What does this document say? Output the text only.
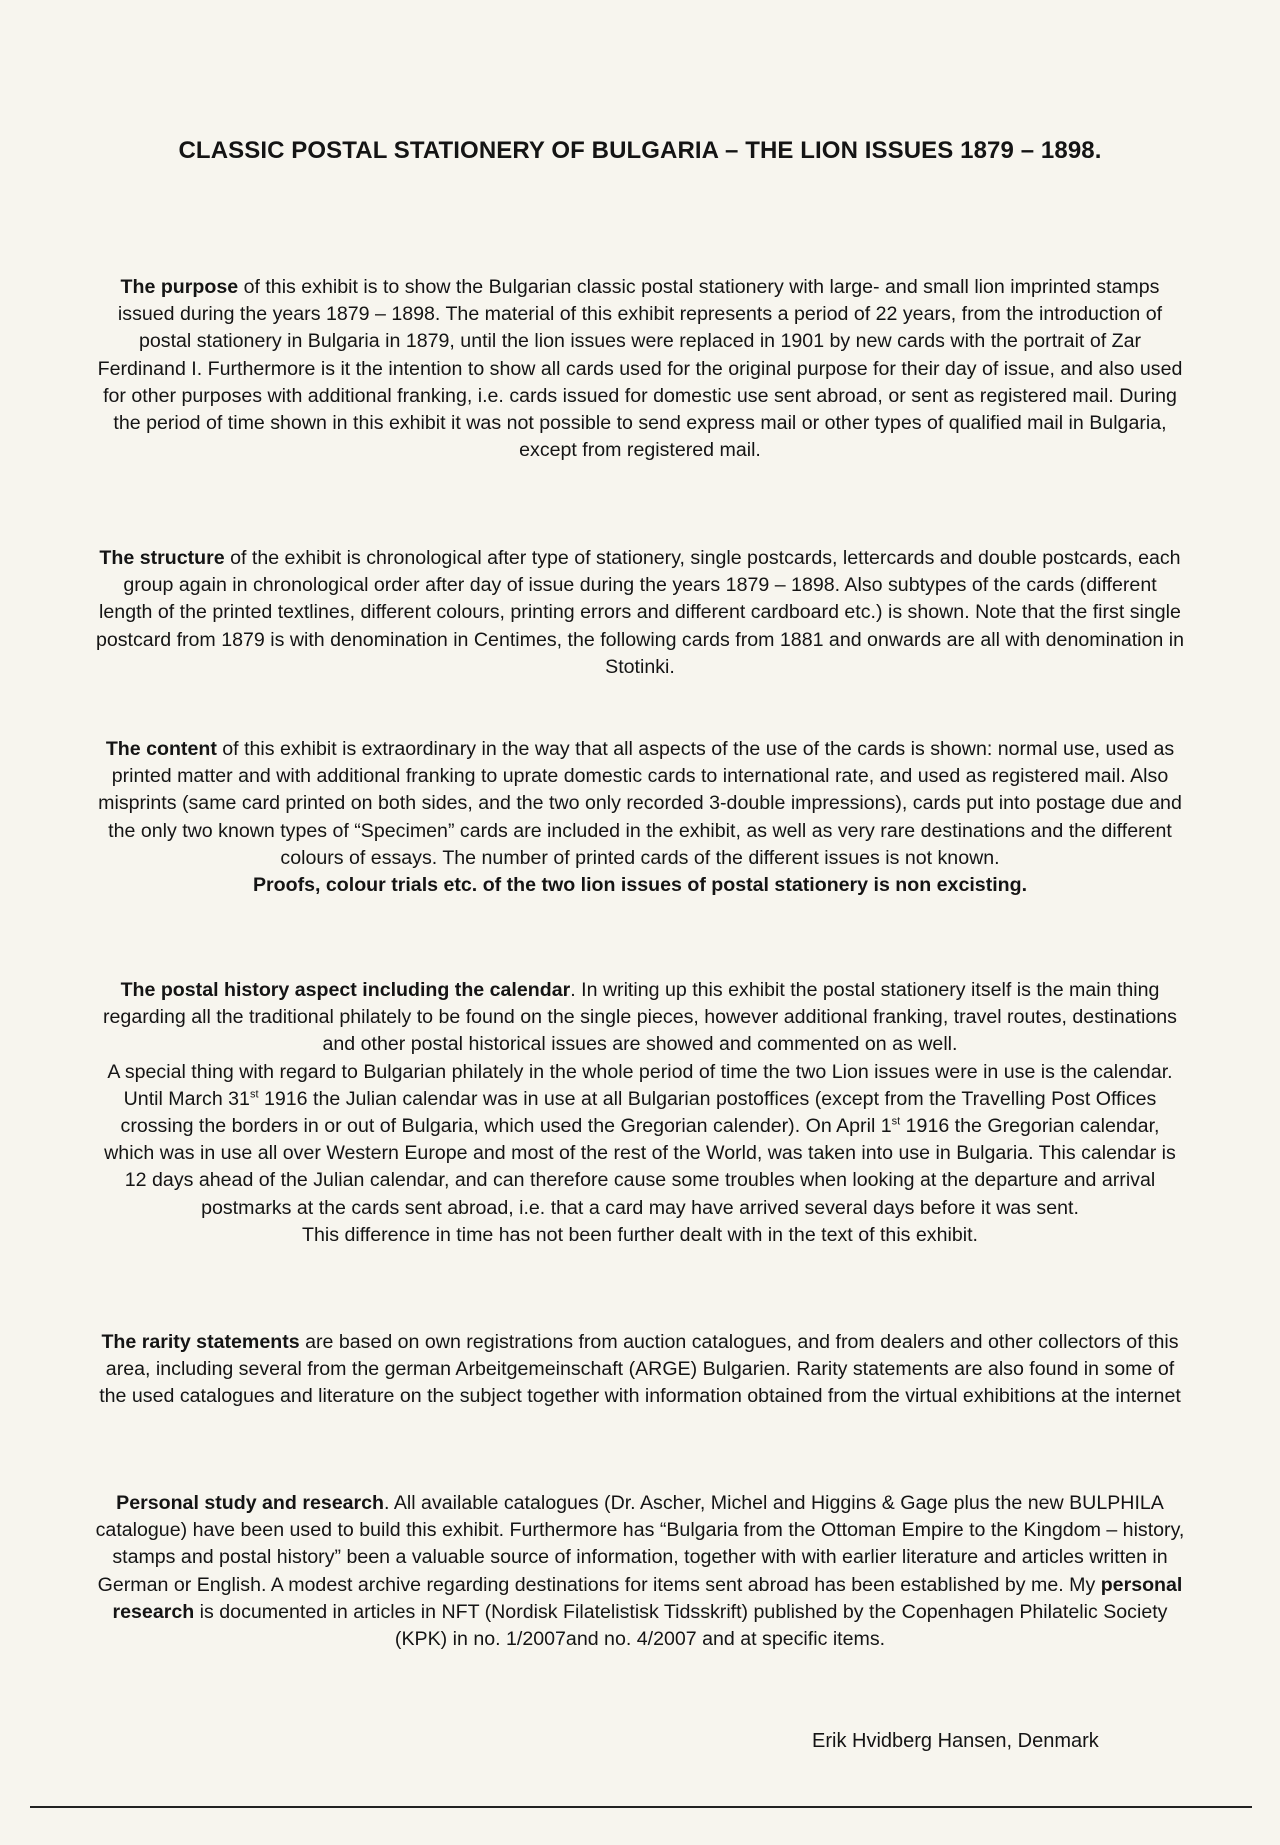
CLASSIC POSTAL STATIONERY OF BULGARIA – THE LION ISSUES 1879 – 1898.
The purpose of this exhibit is to show the Bulgarian classic postal stationery with large- and small lion imprinted stamps issued during the years 1879 – 1898. The material of this exhibit represents a period of 22 years, from the introduction of postal stationery in Bulgaria in 1879, until the lion issues were replaced in 1901 by new cards with the portrait of Zar Ferdinand I. Furthermore is it the intention to show all cards used for the original purpose for their day of issue, and also used for other purposes with additional franking, i.e. cards issued for domestic use sent abroad, or sent as registered mail. During the period of time shown in this exhibit it was not possible to send express mail or other types of qualified mail in Bulgaria, except from registered mail.
The structure of the exhibit is chronological after type of stationery, single postcards, lettercards and double postcards, each group again in chronological order after day of issue during the years 1879 – 1898. Also subtypes of the cards (different length of the printed textlines, different colours, printing errors and different cardboard etc.) is shown. Note that the first single postcard from 1879 is with denomination in Centimes, the following cards from 1881 and onwards are all with denomination in Stotinki.
The content of this exhibit is extraordinary in the way that all aspects of the use of the cards is shown: normal use, used as printed matter and with additional franking to uprate domestic cards to international rate, and used as registered mail. Also misprints (same card printed on both sides, and the two only recorded 3-double impressions), cards put into postage due and the only two known types of “Specimen” cards are included in the exhibit, as well as very rare destinations and the different colours of essays. The number of printed cards of the different issues is not known.
Proofs, colour trials etc. of the two lion issues of postal stationery is non excisting.
The postal history aspect including the calendar. In writing up this exhibit the postal stationery itself is the main thing regarding all the traditional philately to be found on the single pieces, however additional franking, travel routes, destinations and other postal historical issues are showed and commented on as well.
A special thing with regard to Bulgarian philately in the whole period of time the two Lion issues were in use is the calendar. Until March 31st 1916 the Julian calendar was in use at all Bulgarian postoffices (except from the Travelling Post Offices crossing the borders in or out of Bulgaria, which used the Gregorian calender). On April 1st 1916 the Gregorian calendar, which was in use all over Western Europe and most of the rest of the World, was taken into use in Bulgaria. This calendar is 12 days ahead of the Julian calendar, and can therefore cause some troubles when looking at the departure and arrival postmarks at the cards sent abroad, i.e. that a card may have arrived several days before it was sent.
This difference in time has not been further dealt with in the text of this exhibit.
The rarity statements are based on own registrations from auction catalogues, and from dealers and other collectors of this area, including several from the german Arbeitgemeinschaft (ARGE) Bulgarien. Rarity statements are also found in some of the used catalogues and literature on the subject together with information obtained from the virtual exhibitions at the internet
Personal study and research. All available catalogues (Dr. Ascher, Michel and Higgins & Gage plus the new BULPHILA catalogue) have been used to build this exhibit. Furthermore has “Bulgaria from the Ottoman Empire to the Kingdom – history, stamps and postal history” been a valuable source of information, together with with earlier literature and articles written in German or English. A modest archive regarding destinations for items sent abroad has been established by me. My personal research is documented in articles in NFT (Nordisk Filatelistisk Tidsskrift) published by the Copenhagen Philatelic Society (KPK) in no. 1/2007and no. 4/2007 and at specific items.
Erik Hvidberg Hansen, Denmark
